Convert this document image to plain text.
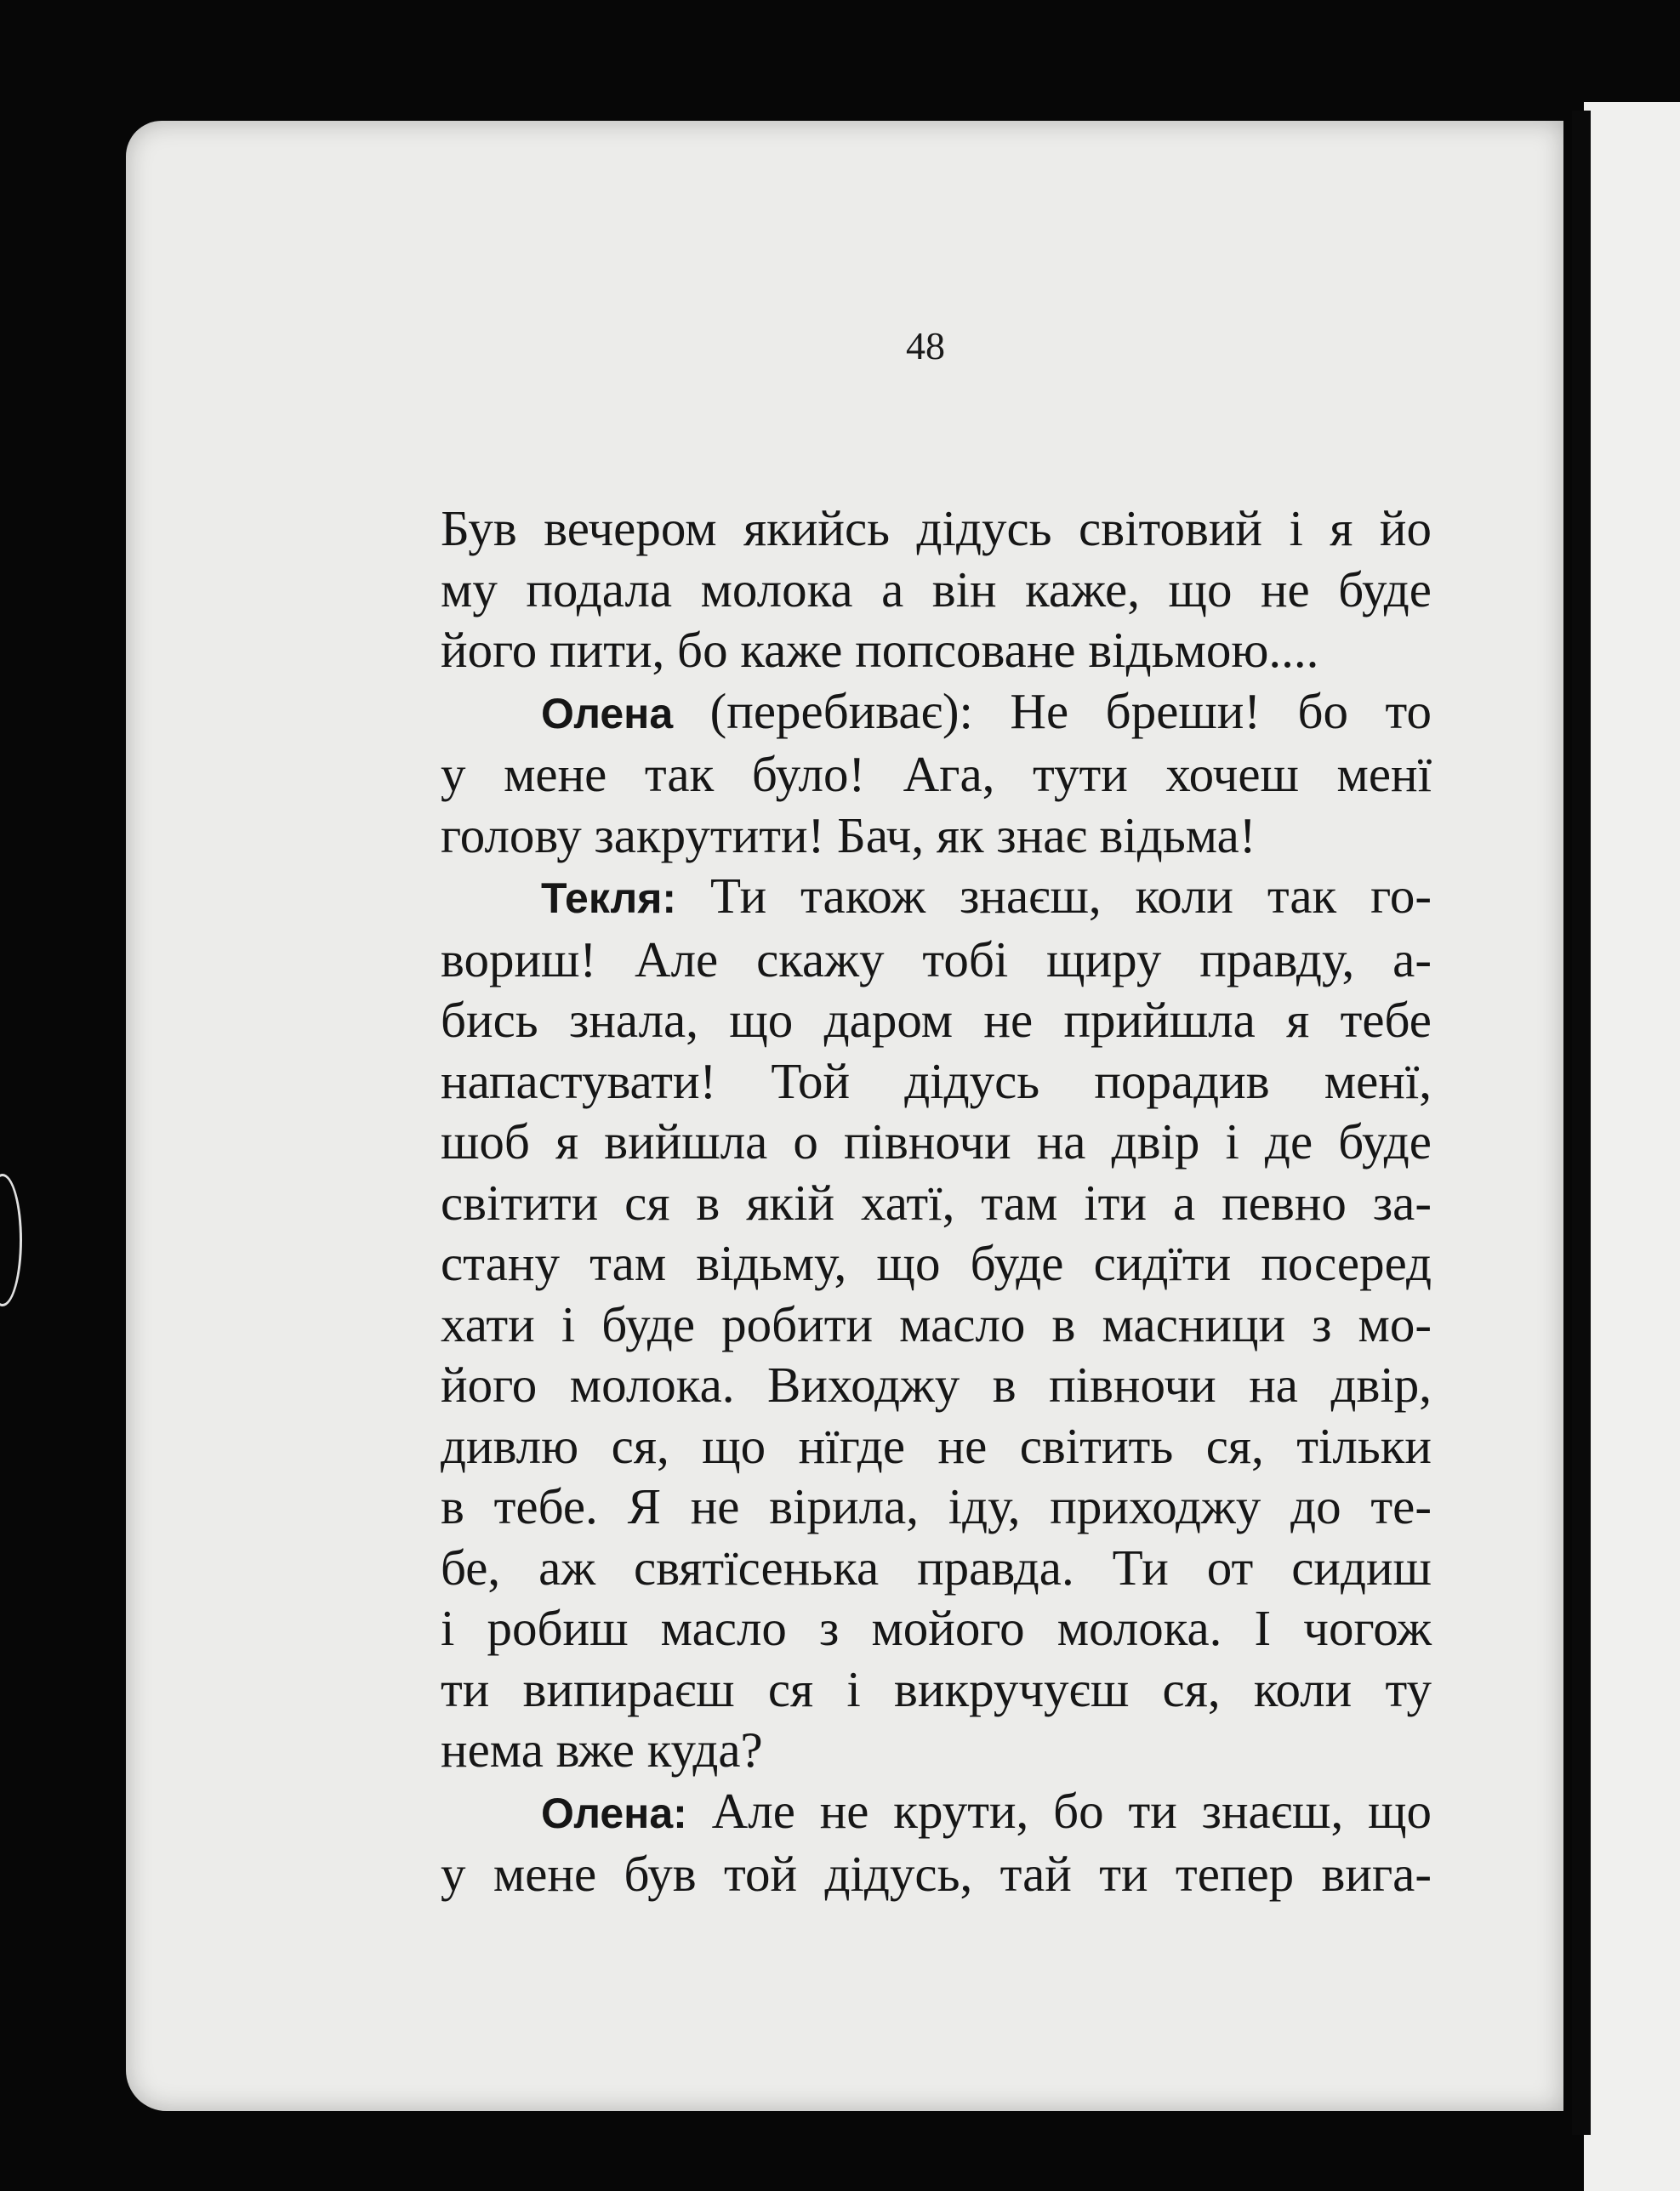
48
Був вечером якийсь дідусь світовий і я йо
му подала молока а він каже, що не буде
його пити, бо каже попсоване відьмою....
Олена (перебиває): Не бреши! бо то
у мене так було! Ага, тути хочеш менї
голову закрутити! Бач, як знає відьма!
Текля: Ти також знаєш, коли так го-
вориш! Але скажу тобі щиру правду, а-
бись знала, що даром не прийшла я тебе
напастувати! Той дідусь порадив менї,
шоб я вийшла о півночи на двір і де буде
світити ся в якій хатї, там іти а певно за-
стану там відьму, що буде сидїти посеред
хати і буде робити масло в масници з мо-
його молока. Виходжу в півночи на двір,
дивлю ся, що нїгде не світить ся, тільки
в тебе. Я не вірила, іду, приходжу до те-
бе, аж святїсенька правда. Ти от сидиш
і робиш масло з мойого молока. І чогож
ти випираєш ся і викручуєш ся, коли ту
нема вже куда?
Олена: Але не крути, бо ти знаєш, що
у мене був той дідусь, тай ти тепер вига-
